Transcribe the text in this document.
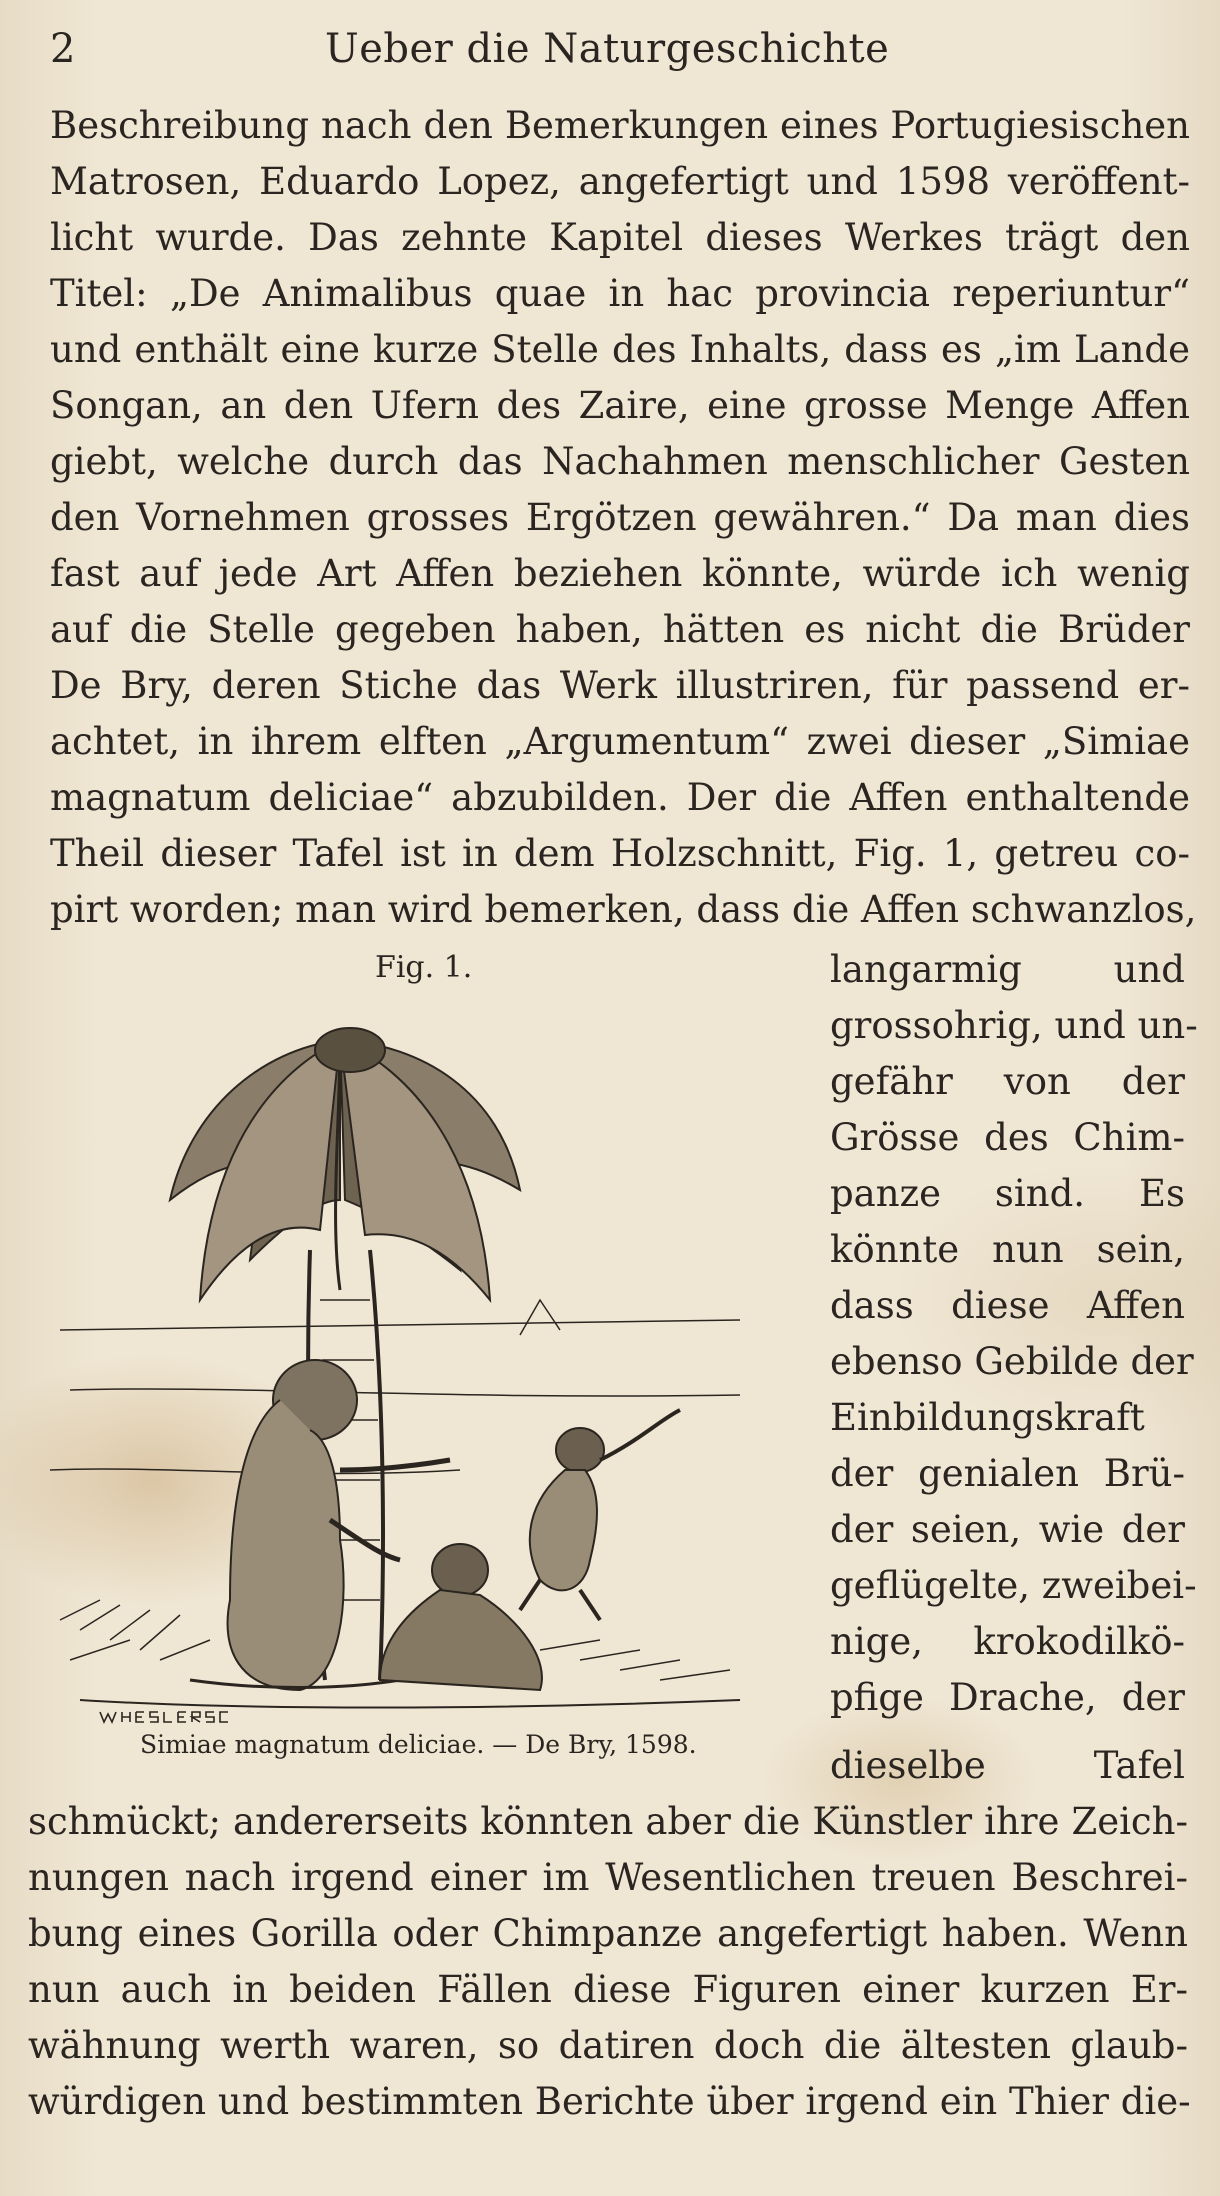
2	Ueber die Naturgeschichte
Beschreibung nach den Bemerkungen eines Portugiesischen
Matrosen, Eduardo Lopez, angefertigt und 1598 veröffent-
licht wurde. Das zehnte Kapitel dieses Werkes trägt den
Titel: „De Animalibus quae in hac provincia reperiuntur“
und enthält eine kurze Stelle des Inhalts, dass es „im Lande
Songan, an den Ufern des Zaire, eine grosse Menge Affen
giebt, welche durch das Nachahmen menschlicher Gesten
den Vornehmen grosses Ergötzen gewähren.“ Da man dies
fast auf jede Art Affen beziehen könnte, würde ich wenig
auf die Stelle gegeben haben, hätten es nicht die Brüder
De Bry, deren Stiche das Werk illustriren, für passend er-
achtet, in ihrem elften „Argumentum“ zwei dieser „Simiae
magnatum deliciae“ abzubilden. Der die Affen enthaltende
Theil dieser Tafel ist in dem Holzschnitt, Fig. 1, getreu co-
pirt worden; man wird bemerken, dass die Affen schwanzlos,
Fig. 1.
Simiae magnatum deliciae. — De Bry, 1598.
langarmig und
grossohrig, und un-
gefähr von der
Grösse des Chim-
panze sind. Es
könnte nun sein,
dass diese Affen
ebenso Gebilde der
Einbildungskraft
der genialen Brü-
der seien, wie der
geflügelte, zweibei-
nige, krokodilkö-
pfige Drache, der
dieselbe Tafel
schmückt; andererseits könnten aber die Künstler ihre Zeich-
nungen nach irgend einer im Wesentlichen treuen Beschrei-
bung eines Gorilla oder Chimpanze angefertigt haben. Wenn
nun auch in beiden Fällen diese Figuren einer kurzen Er-
wähnung werth waren, so datiren doch die ältesten glaub-
würdigen und bestimmten Berichte über irgend ein Thier die-
